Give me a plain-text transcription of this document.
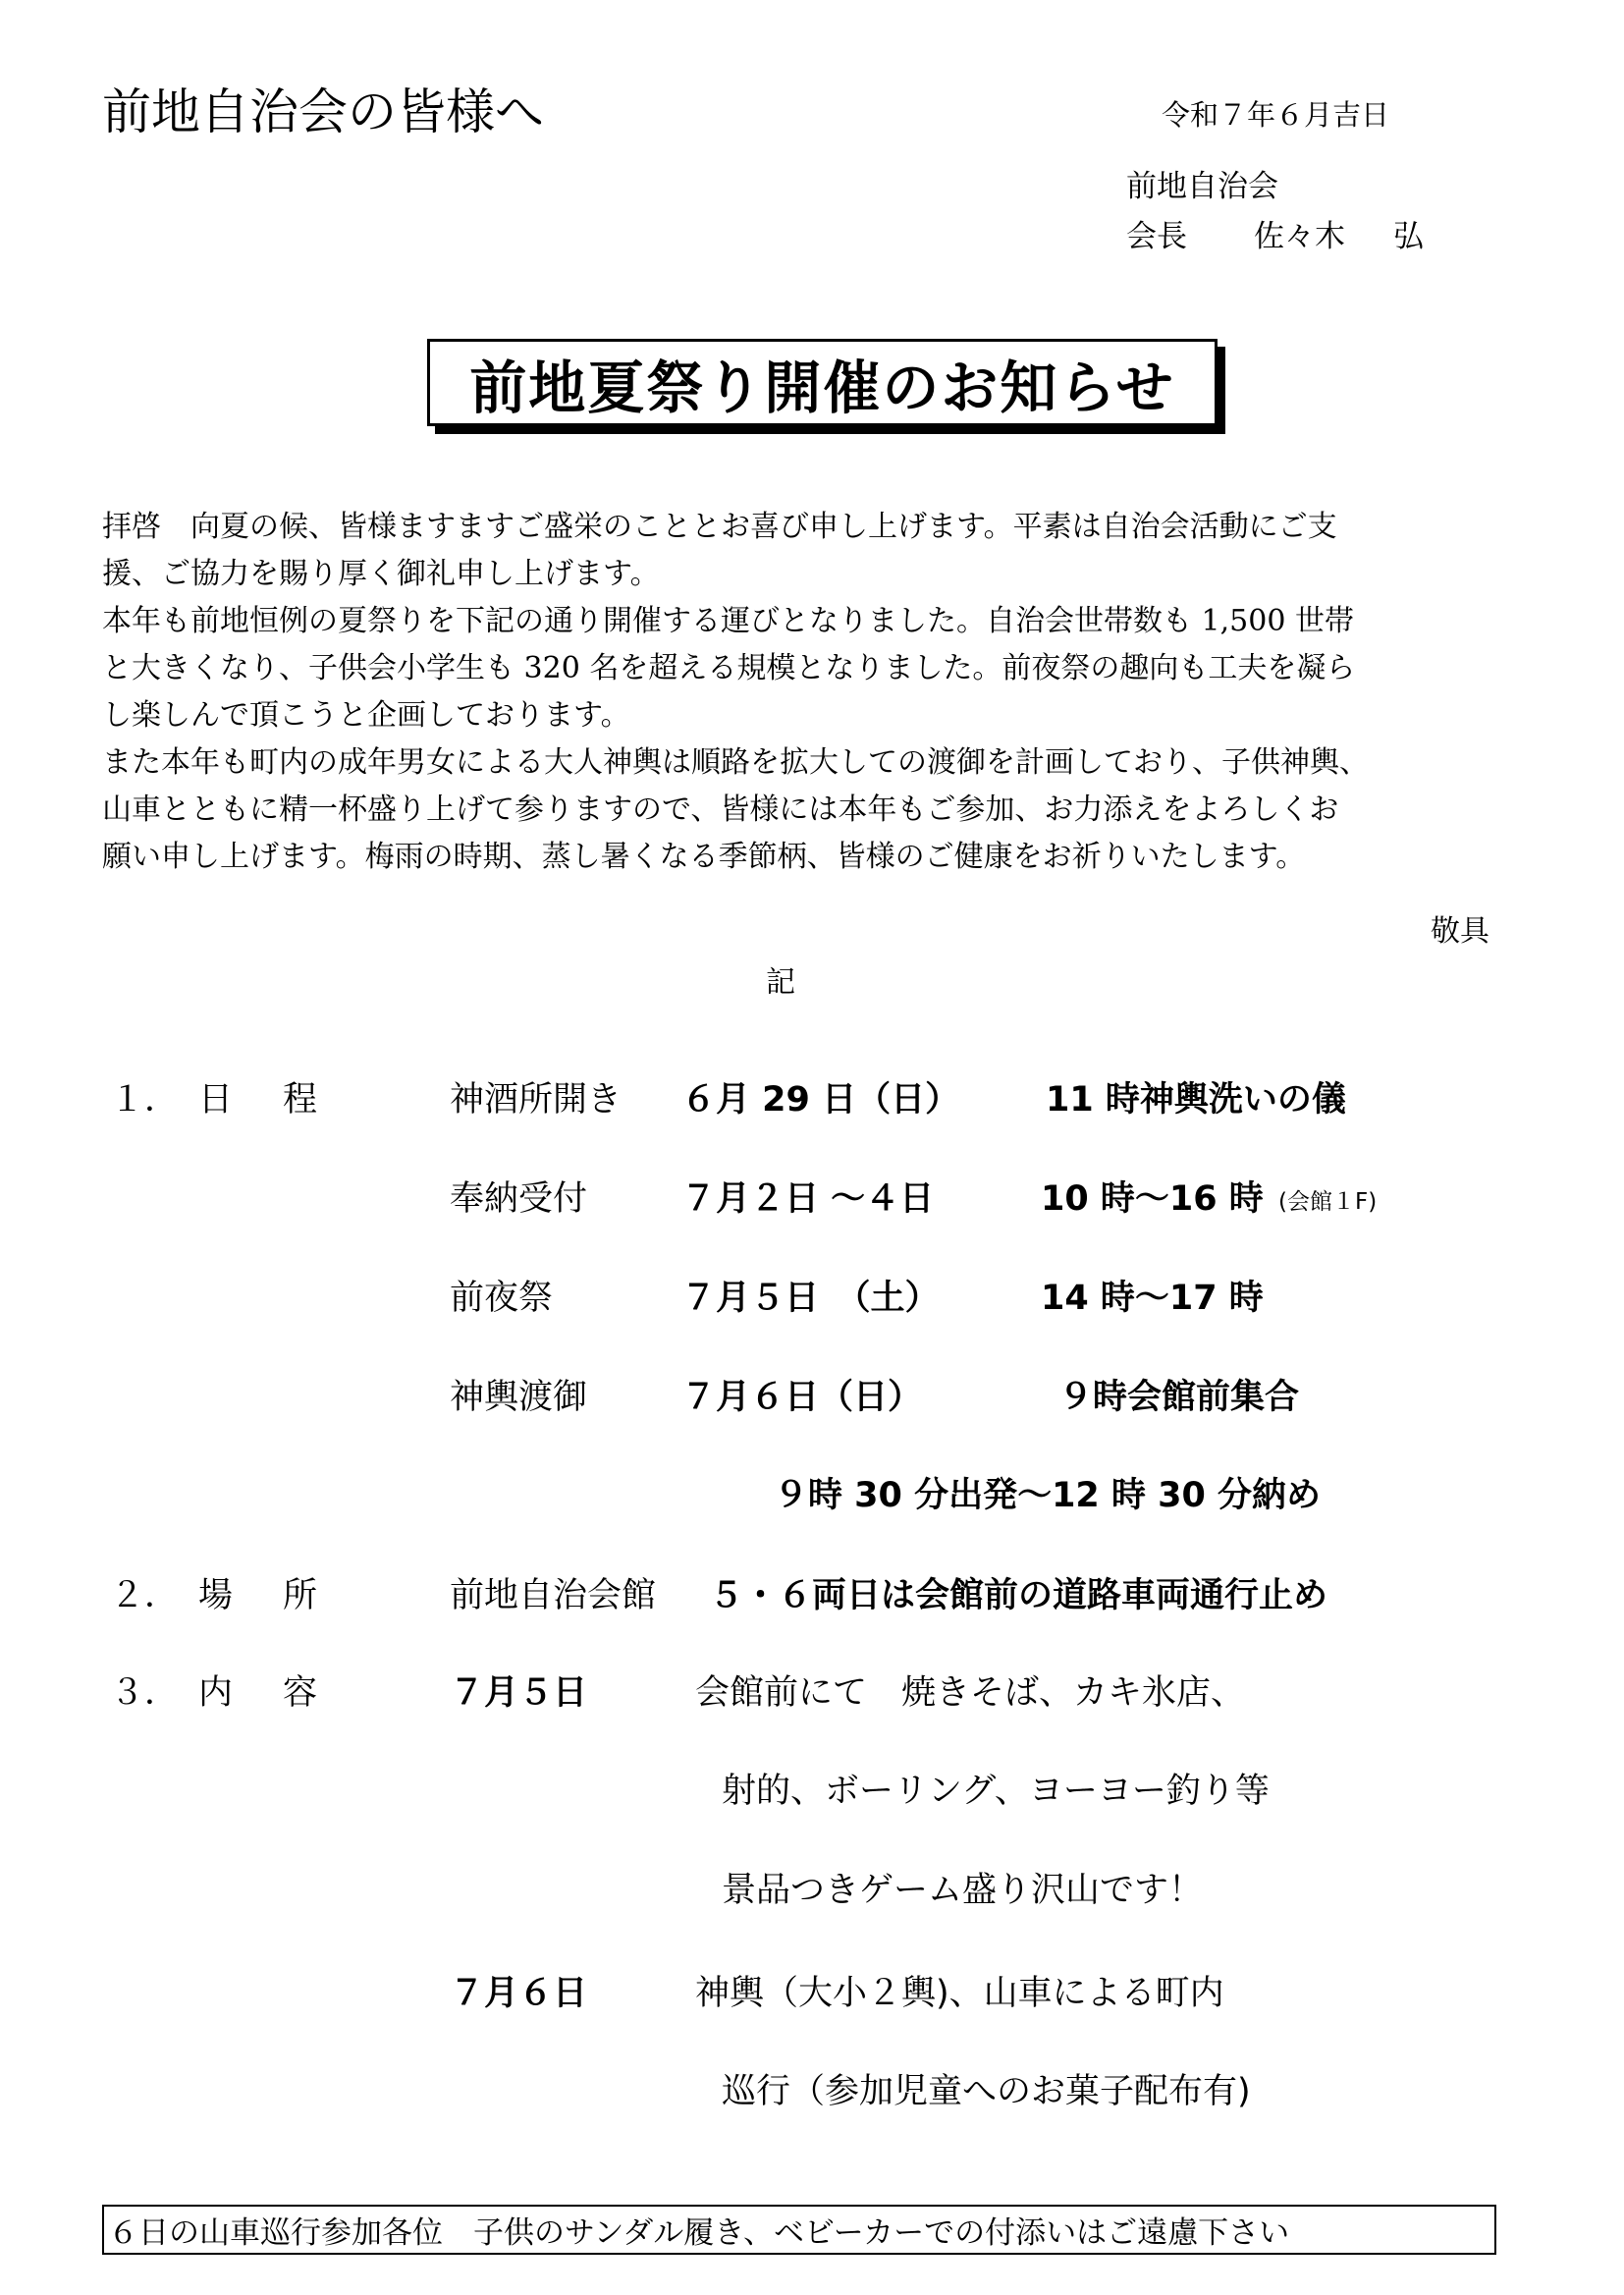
前地自治会の皆様へ	令和７年６月吉日
前地自治会
会長 佐々木 弘
前地夏祭り開催のお知らせ
拝啓　向夏の候、皆様ますますご盛栄のこととお喜び申し上げます。平素は自治会活動にご支
援、ご協力を賜り厚く御礼申し上げます。
本年も前地恒例の夏祭りを下記の通り開催する運びとなりました。自治会世帯数も 1,500 世帯
と大きくなり、子供会小学生も 320 名を超える規模となりました。前夜祭の趣向も工夫を凝ら
し楽しんで頂こうと企画しております。
また本年も町内の成年男女による大人神輿は順路を拡大しての渡御を計画しており、子供神輿、
山車とともに精一杯盛り上げて参りますので、皆様には本年もご参加、お力添えをよろしくお
願い申し上げます。梅雨の時期、蒸し暑くなる季節柄、皆様のご健康をお祈りいたします。
敬具
記
１． 日 程	神酒所開き ６月 29 日（日）	11 時神輿洗いの儀
奉納受付	７月２日 ～４日	10 時～16 時 (会館１F)
前夜祭	７月５日　（土）	14 時～17 時
神輿渡御	７月６日（日）	９時会館前集合
９時 30 分出発～12 時 30 分納め
２． 場 所	前地自治会館 ５・６両日は会館前の道路車両通行止め
３． 内 容	７月５日	会館前にて　焼きそば、カキ氷店、
射的、ボーリング、ヨーヨー釣り等
景品つきゲーム盛り沢山です！
７月６日	神輿（大小２輿)、山車による町内
巡行（参加児童へのお菓子配布有)
６日の山車巡行参加各位　子供のサンダル履き、ベビーカーでの付添いはご遠慮下さい
